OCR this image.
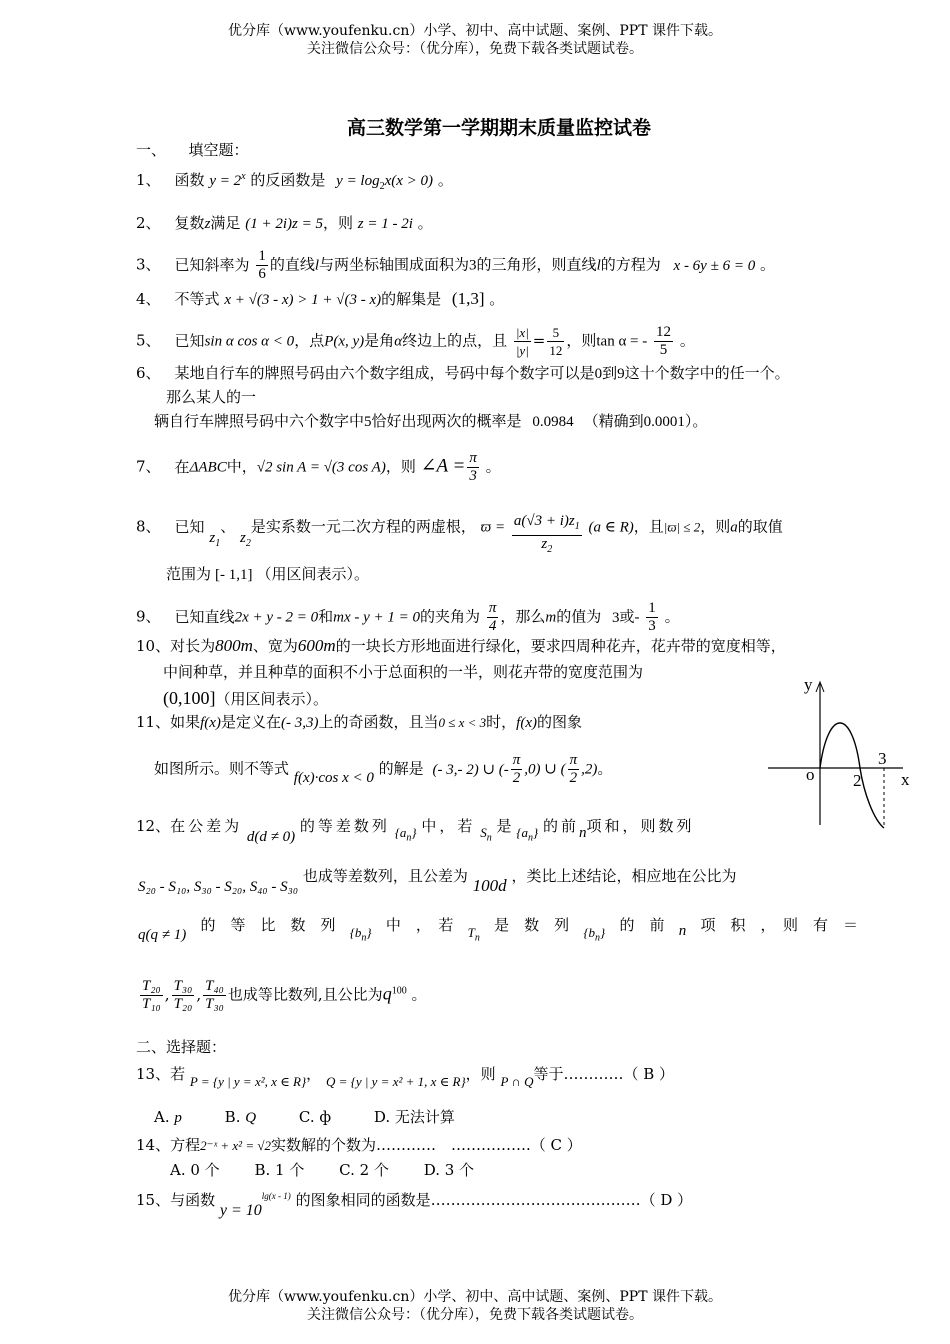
优分库（www.youfenku.cn）小学、初中、高中试题、案例、PPT 课件下载。
关注微信公众号：（优分库），免费下载各类试题试卷。
高三数学第一学期期末质量监控试卷
一、　　填空题：
1、 函数 $y = 2^x$ 的反函数是 $y = \log_2x(x > 0)$ 。
2、 复数z满足 (1 + 2i)z = 5，则 z = 1 - 2i 。
3、 已知斜率为 $\frac{1}{6}$ 的直线l与两坐标轴围成面积为3的三角形，则直线l的方程为 x - 6y ± 6 = 0 。
4、 不等式 x + √(3 - x) > 1 + √(3 - x)的解集是 (1,3] 。
5、 已知sin α cos α < 0，点P(x, y)是角α终边上的点，且 $\frac{|x|}{|y|} = \frac{5}{12}$ ，则tan α = - $\frac{12}{5}$ 。
6、 某地自行车的牌照号码由六个数字组成，号码中每个数字可以是0到9这十个数字中的任一个。
那么某人的一
辆自行车牌照号码中六个数字中5恰好出现两次的概率是 0.0984 （精确到0.0001）。
7、 在ΔABC中，√2 sin A = √(3 cos A)，则 ∠A = $\frac{\pi}{3}$ 。
8、 已知 $z_1$、 $z_2$是实系数一元二次方程的两虚根， $ϖ = \frac{a(√3 + i)z_1}{z_2} (a$ ∈ R)，且|ϖ| ≤ 2，则a的取值
范围为 [- 1,1] （用区间表示）。
9、 已知直线2x + y - 2 = 0和mx - y + 1 = 0的夹角为 $\frac{\pi}{4}$ ，那么m的值为 3或- $\frac{1}{3}$ 。
10、对长为800m、宽为600m的一块长方形地面进行绿化，要求四周种花卉，花卉带的宽度相等，
中间种草，并且种草的面积不小于总面积的一半，则花卉带的宽度范围为
(0,100]（用区间表示）。
11、如果f(x)是定义在(- 3,3)上的奇函数，且当0 ≤ x < 3时，f(x)的图象
如图所示。则不等式 f(x)·cos x < 0 的解是 (- 3,- 2) ∪ (- $\frac{\pi}{2} ,0$) ∪ ( $\frac{\pi}{2} ,2$)。
y
x
o 2
3
12、在公差为 d(d ≠ 0) 的等差数列 $\{a_n\}$ 中，若 $S_n$ 是 $\{a_n\}$ 的前n项和，则数列
S₂₀ - S₁₀, S₃₀ - S₂₀, S₄₀ - S₃₀ 也成等差数列，且公差为 100d ，类比上述结论，相应地在公比为
q(q ≠ 1)
的　等　比　数　列 $\{b_n\}$ 中　，　若 $T_n$
是　数　列 $\{b_n\}$ 的　前 n 项　积　，　则　有　＝
$\frac{\text{T₂₀}}{\text{T₁₀}}$ , $\frac{\text{T₃₀}}{\text{T₂₀}}$ , $\frac{\text{T₄₀}}{\text{T₃₀}}$ 也成等比数列,且公比为$q^{100}$ 。
二、选择题：
13、若 P = {y | y = x², x ∈ R}， Q = {y | y = x² + 1, x ∈ R}，则 P ∩ Q等于…………（ B ）
A. p	B. Q	C. ф	D. 无法计算
14、方程2⁻ˣ + x² = √2实数解的个数为…………　…………….（ C ）
A. 0 个 B. 1 个 C. 2 个 D. 3 个
15、与函数 $y = 10^{lg(x - 1)}$ 的图象相同的函数是……………………………………（ D ）
优分库（www.youfenku.cn）小学、初中、高中试题、案例、PPT 课件下载。
关注微信公众号：（优分库），免费下载各类试题试卷。
